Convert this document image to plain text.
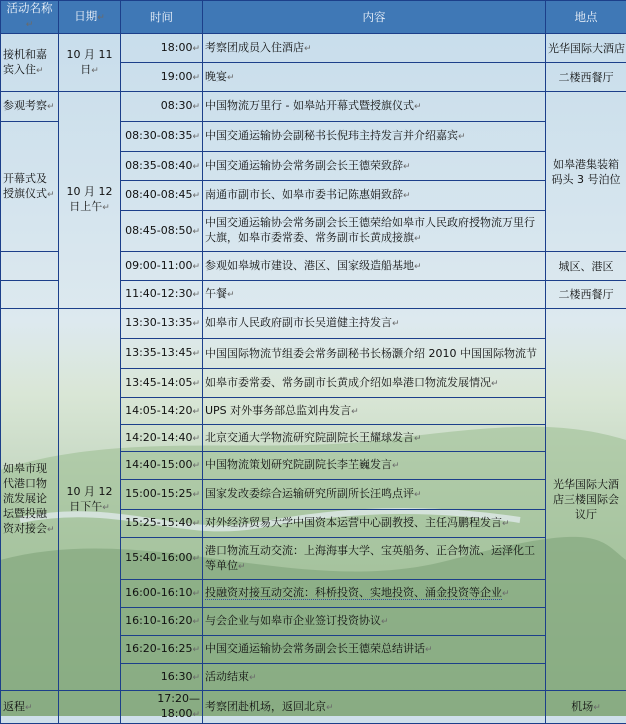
活动名称↵	日期↵	时间	内容	地点
接机和嘉宾入住↵	10 月 11 日↵	18:00↵	考察团成员入住酒店↵	光华国际大酒店
		19:00↵	晚宴↵	二楼西餐厅
参观考察↵	10 月 12 日上午↵	08:30↵	中国物流万里行 - 如皋站开幕式暨授旗仪式↵	如皋港集装箱码头 3 号泊位
开幕式及授旗仪式↵		08:30-08:35↵	中国交通运输协会副秘书长倪玮主持发言并介绍嘉宾↵	
		08:35-08:40↵	中国交通运输协会常务副会长王德荣致辞↵	
		08:40-08:45↵	南通市副市长、如皋市委书记陈惠娟致辞↵	
		08:45-08:50↵	中国交通运输协会常务副会长王德荣给如皋市人民政府授物流万里行大旗，如皋市委常委、常务副市长黄成接旗↵	
		09:00-11:00↵	参观如皋城市建设、港区、国家级造船基地↵	城区、港区
		11:40-12:30↵	午餐↵	二楼西餐厅
如皋市现代港口物流发展论坛暨投融资对接会↵	10 月 12 日下午↵	13:30-13:35↵	如皋市人民政府副市长吴道健主持发言↵	光华国际大酒店三楼国际会议厅
		13:35-13:45↵	中国国际物流节组委会常务副秘书长杨灏介绍 2010 中国国际物流节	
		13:45-14:05↵	如皋市委常委、常务副市长黄成介绍如皋港口物流发展情况↵	
		14:05-14:20↵	UPS 对外事务部总监刘冉发言↵	
		14:20-14:40↵	北京交通大学物流研究院副院长王耀球发言↵	
		14:40-15:00↵	中国物流策划研究院副院长李芏巍发言↵	
		15:00-15:25↵	国家发改委综合运输研究所副所长汪鸣点评↵	
		15:25-15:40↵	对外经济贸易大学中国资本运营中心副教授、主任冯鹏程发言↵	
		15:40-16:00↵	港口物流互动交流：上海海事大学、宝英船务、正合物流、运泽化工等单位↵	
		16:00-16:10↵	投融资对接互动交流：科桥投资、实地投资、涌金投资等企业↵	
		16:10-16:20↵	与会企业与如皋市企业签订投资协议↵	
		16:20-16:25↵	中国交通运输协会常务副会长王德荣总结讲话↵	
		16:30↵	活动结束↵	
返程↵		17:20—18:00↵	考察团赴机场，返回北京↵	机场↵
